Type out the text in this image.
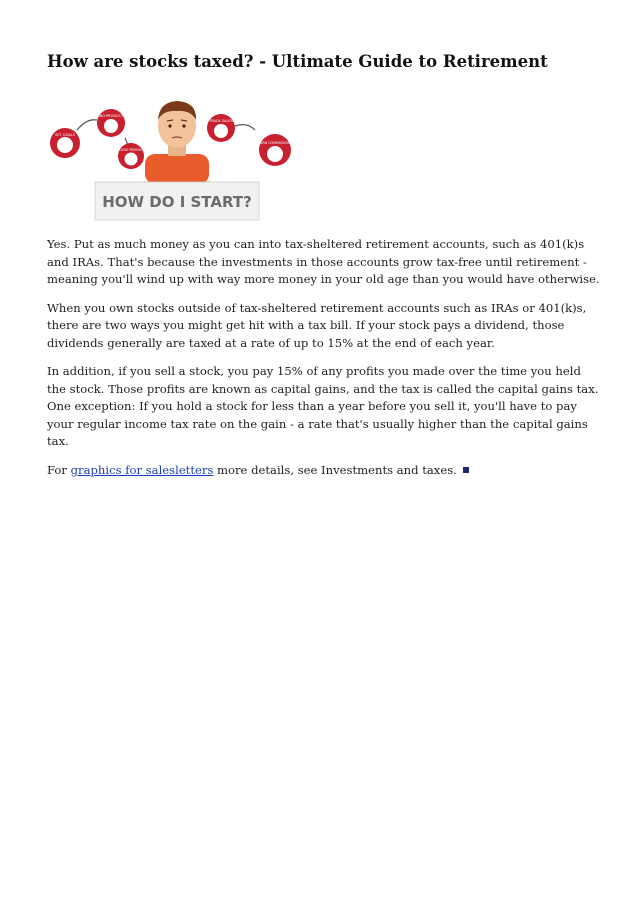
How are stocks taxed? - Ultimate Guide to Retirement
SET GOALS
FIND PRODUCTS
CHOOSE PRODUCTS
TRACK SALES
EARN COMMISSIONS
HOW DO I START?

Yes. Put as much money as you can into tax-sheltered retirement accounts, such as 401(k)s and IRAs. That's because the investments in those accounts grow tax-free until retirement - meaning you'll wind up with way more money in your old age than you would have otherwise.

When you own stocks outside of tax-sheltered retirement accounts such as IRAs or 401(k)s, there are two ways you might get hit with a tax bill. If your stock pays a dividend, those dividends generally are taxed at a rate of up to 15% at the end of each year.

In addition, if you sell a stock, you pay 15% of any profits you made over the time you held the stock. Those profits are known as capital gains, and the tax is called the capital gains tax. One exception: If you hold a stock for less than a year before you sell it, you'll have to pay your regular income tax rate on the gain - a rate that's usually higher than the capital gains tax.

For graphics for salesletters more details, see Investments and taxes.
